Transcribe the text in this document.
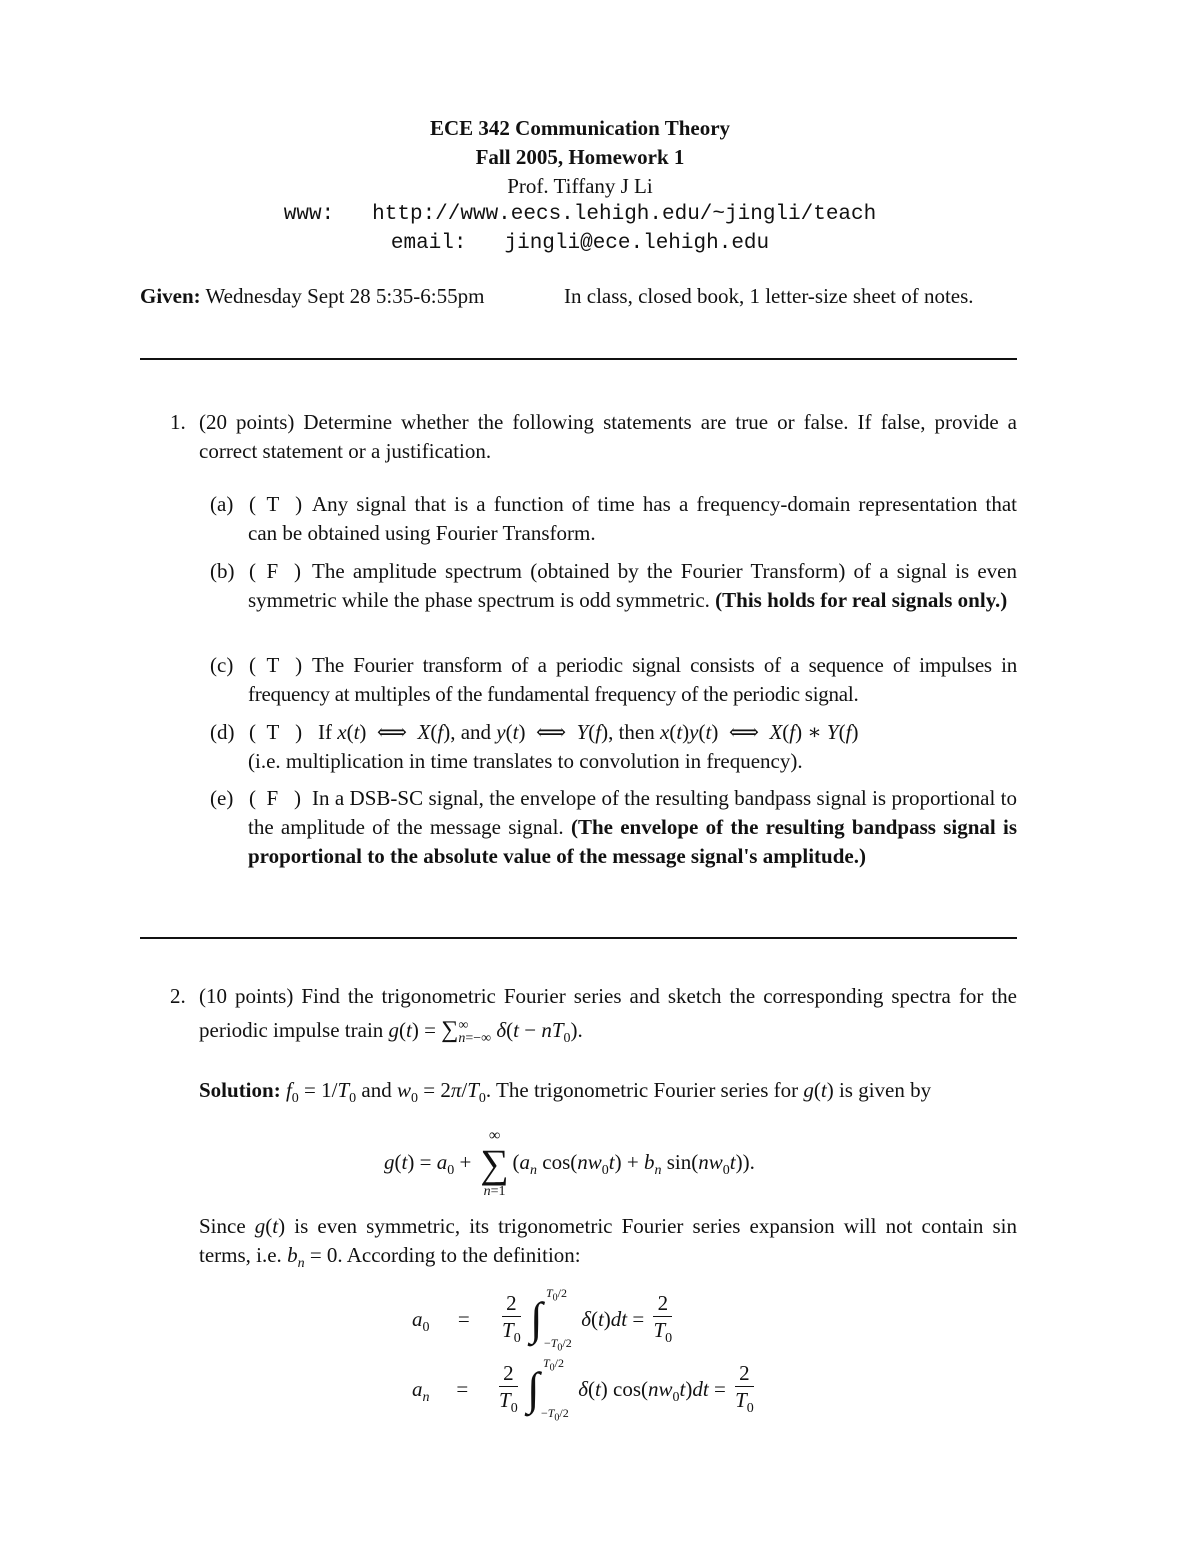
ECE 342 Communication Theory
Fall 2005, Homework 1
Prof. Tiffany J Li
www: http://www.eecs.lehigh.edu/~jingli/teach
email: jingli@ece.lehigh.edu
Given: Wednesday Sept 28 5:35-6:55pm	In class, closed book, 1 letter-size sheet of notes.
1. (20 points) Determine whether the following statements are true or false. If false, provide a correct statement or a justification.
(a) (  T   ) Any signal that is a function of time has a frequency-domain representation that can be obtained using Fourier Transform.
(b) (  F   ) The amplitude spectrum (obtained by the Fourier Transform) of a signal is even symmetric while the phase spectrum is odd symmetric. (This holds for real signals only.)
(c) (  T   ) The Fourier transform of a periodic signal consists of a sequence of impulses in frequency at multiples of the fundamental frequency of the periodic signal.
(d) (  T   ) If x(t)  ⟺  X(f), and y(t)  ⟺  Y(f), then x(t)y(t)  ⟺  X(f) ∗ Y(f)
(i.e. multiplication in time translates to convolution in frequency).
(e) (  F   ) In a DSB-SC signal, the envelope of the resulting bandpass signal is proportional to the amplitude of the message signal. (The envelope of the resulting bandpass signal is proportional to the absolute value of the message signal's amplitude.)
2. (10 points) Find the trigonometric Fourier series and sketch the corresponding spectra for the periodic impulse train $g(t) = \sum^\infty_{n=-\infty}$ $\delta(t - nT_0)$.
Solution: $f_0 = 1/T_0$ and $w_0 = 2\pi/T_0$. The trigonometric Fourier series for g(t) is given by
$g(t) = a_0$ +
∞
∑
n=1
($a_n$ $\cos(nw_0t) + b_n$ $\sin(nw_0t)$).
Since g(t) is even symmetric, its trigonometric Fourier series expansion will not contain sin terms, i.e. $b_n = 0$. According to the definition:
$a_0 = \frac{2}{T_0}$
$T_0/2$
∫ $-T_0/2$
$\delta(t)dt = \frac{2}{T_0}$
$a_n = \frac{2}{T_0}$
$T_0/2$
∫ $-T_0/2$
δ(t) $\cos(nw_0t)dt = \frac{2}{T_0}$
